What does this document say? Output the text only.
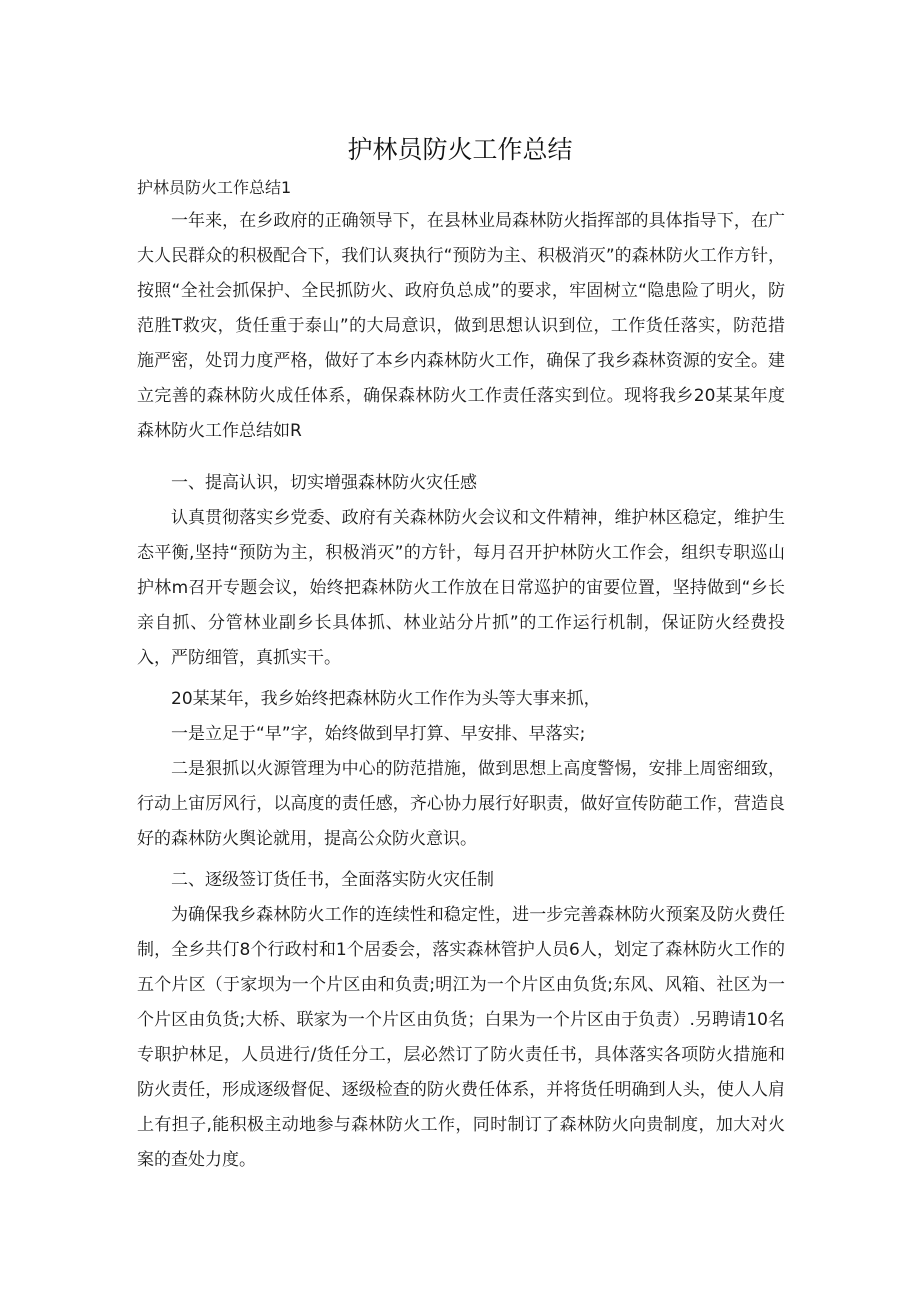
护林员防火工作总结
护林员防火工作总结1

一年来，在乡政府的正确领导下，在县林业局森林防火指挥部的具体指导下，在广大人民群众的积极配合下，我们认爽执行“预防为主、积极消灭”的森林防火工作方针，按照“全社会抓保护、全民抓防火、政府负总成”的要求，牢固树立“隐患险了明火，防范胜T救灾，货任重于泰山”的大局意识，做到思想认识到位，工作货任落实，防范措施严密，处罚力度严格，做好了本乡内森林防火工作，确保了我乡森林资源的安全。建立完善的森林防火成任体系，确保森林防火工作责任落实到位。现将我乡20某某年度森林防火工作总结如R

一、提高认识，切实增强森林防火灾任感

认真贯彻落实乡党委、政府有关森林防火会议和文件精神，维护林区稳定，维护生态平衡,坚持“预防为主，积极消灭”的方针，每月召开护林防火工作会，组织专职巡山护林m召开专题会议，始终把森林防火工作放在日常巡护的宙要位置，坚持做到“乡长亲自抓、分管林业副乡长具体抓、林业站分片抓”的工作运行机制，保证防火经费投入，严防细管，真抓实干。

20某某年，我乡始终把森林防火工作作为头等大事来抓，

一是立足于“早”字，始终做到早打算、早安排、早落实;

二是狠抓以火源管理为中心的防范措施，做到思想上高度警惕，安排上周密细致，行动上宙厉风行，以高度的责任感，齐心协力展行好职责，做好宣传防葩工作，营造良好的森林防火舆论就用，提高公众防火意识。

二、逐级签订货任书，全面落实防火灾任制

为确保我乡森林防火工作的连续性和稳定性，进一步完善森林防火预案及防火费任制，全乡共仃8个行政村和1个居委会，落实森林管护人员6人，划定了森林防火工作的五个片区（于家坝为一个片区由和负责;明江为一个片区由负货;东风、风箱、社区为一个片区由负货;大桥、联家为一个片区由负货；白果为一个片区由于负责）.另聘请10名专职护林足，人员进行/货任分工，层必然订了防火责任书，具体落实各项防火措施和防火责任，形成逐级督促、逐级检查的防火费任体系，并将货任明确到人头，使人人肩上有担子,能积极主动地参与森林防火工作，同时制订了森林防火向贵制度，加大对火案的查处力度。
